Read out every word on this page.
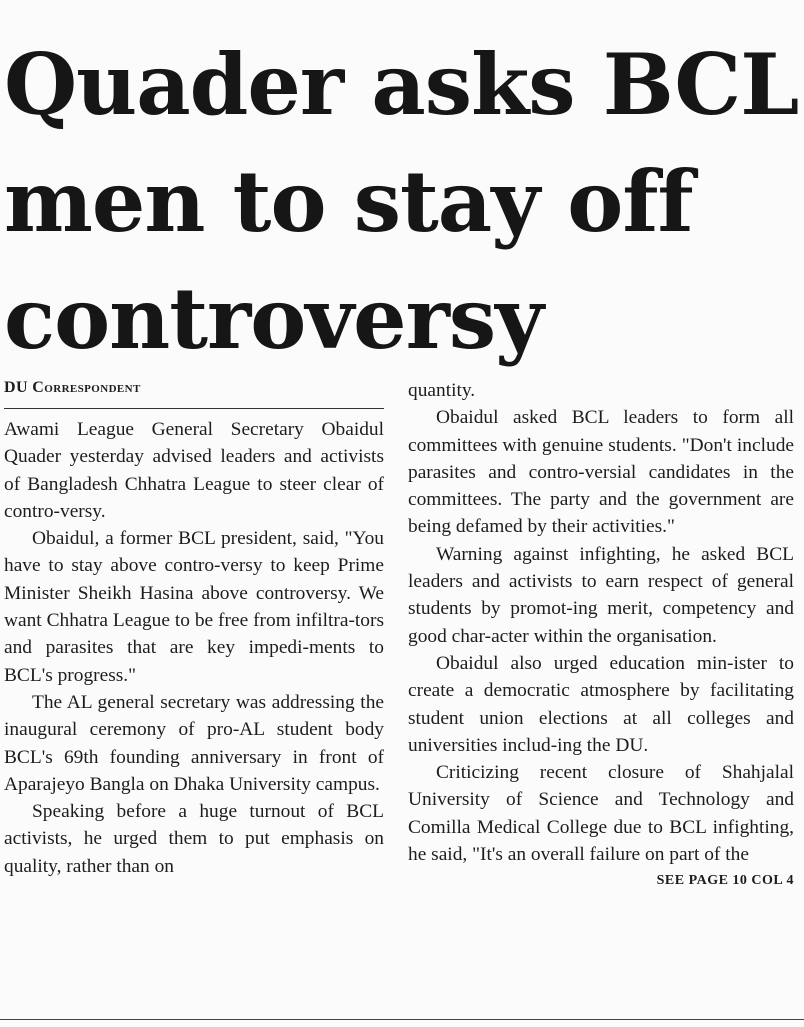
Quader asks BCL men to stay off controversy
DU Correspondent

Awami League General Secretary Obaidul Quader yesterday advised leaders and activists of Bangladesh Chhatra League to steer clear of contro-versy.

Obaidul, a former BCL president, said, "You have to stay above contro-versy to keep Prime Minister Sheikh Hasina above controversy. We want Chhatra League to be free from infiltra-tors and parasites that are key impedi-ments to BCL's progress."

The AL general secretary was addressing the inaugural ceremony of pro-AL student body BCL's 69th founding anniversary in front of Aparajeyo Bangla on Dhaka University campus.

Speaking before a huge turnout of BCL activists, he urged them to put emphasis on quality, rather than on

quantity.

Obaidul asked BCL leaders to form all committees with genuine students. "Don't include parasites and contro-versial candidates in the committees. The party and the government are being defamed by their activities."

Warning against infighting, he asked BCL leaders and activists to earn respect of general students by promot-ing merit, competency and good char-acter within the organisation.

Obaidul also urged education min-ister to create a democratic atmosphere by facilitating student union elections at all colleges and universities includ-ing the DU.

Criticizing recent closure of Shahjalal University of Science and Technology and Comilla Medical College due to BCL infighting, he said, "It's an overall failure on part of the

SEE PAGE 10 COL 4
